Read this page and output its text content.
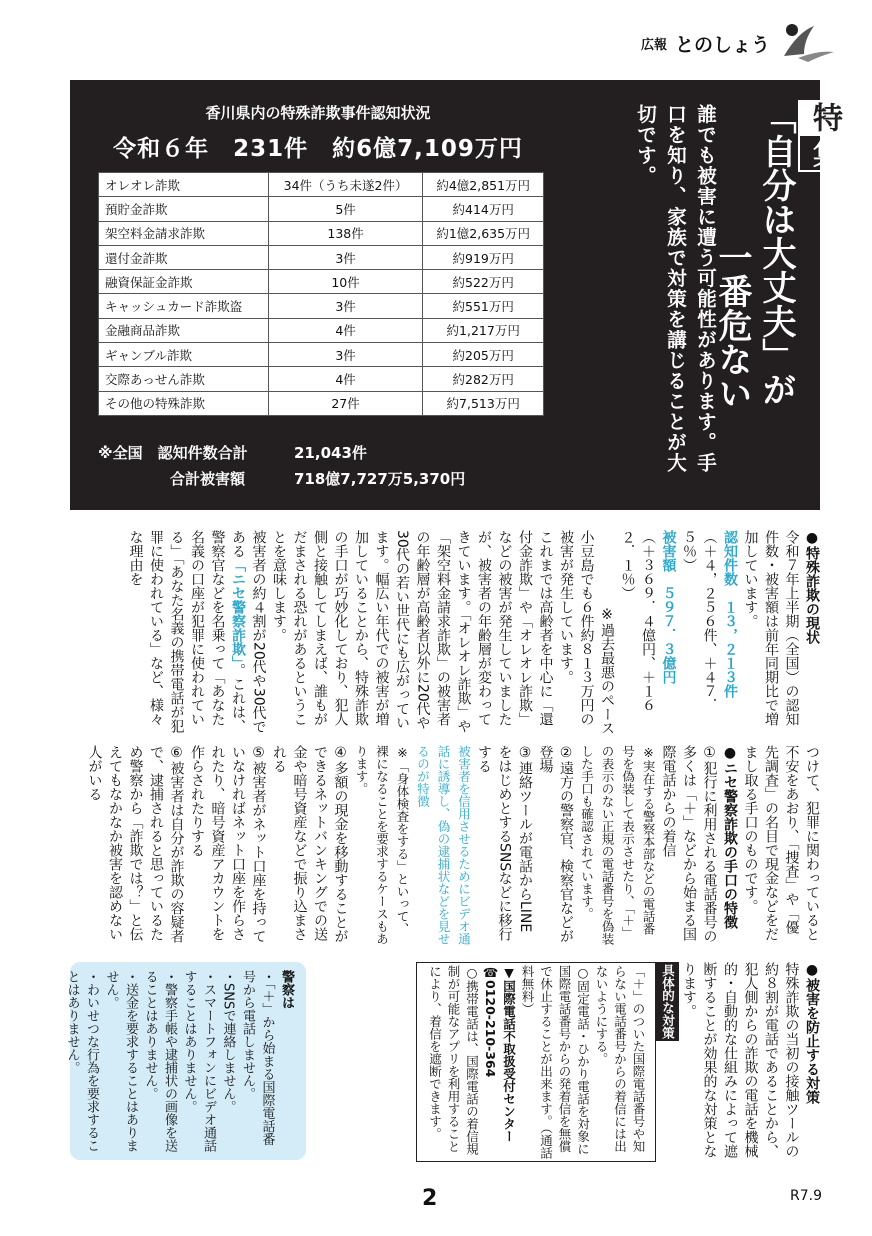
広報 とのしょう
香川県内の特殊詐欺事件認知状況
令和６年　231件　約6億7,109万円
オレオレ詐欺	34件（うち未遂2件）	約4億2,851万円
預貯金詐欺	5件	約414万円
架空料金請求詐欺	138件	約1億2,635万円
還付金詐欺	3件	約919万円
融資保証金詐欺	10件	約522万円
キャッシュカード詐欺盗	3件	約551万円
金融商品詐欺	4件	約1,217万円
ギャンブル詐欺	3件	約205万円
交際あっせん詐欺	4件	約282万円
その他の特殊詐欺	27件	約7,513万円
※全国　認知件数合計	21,043件
合計被害額	718億7,727万5,370円
誰でも被害に遭う可能性があります。手口を知り、家族で対策を講じることが大切です。	特集
「自分は大丈夫」が
一番危ない
●特殊詐欺の現状
令和７年上半期（全国）の認知件数・被害額は前年同期比で増加しています。
認知件数　１３，２１３件
（＋４，２５６件、＋４７．５％）
被害額　５９７．３億円
（＋３６９．４億円、＋１６２．１％）
※過去最悪のペース
小豆島でも６件約８１３万円の被害が発生しています。
これまでは高齢者を中心に「還付金詐欺」や「オレオレ詐欺」などの被害が発生していましたが、被害者の年齢層が変わってきています。「オレオレ詐欺」や「架空料金請求詐欺」の被害者の年齢層が高齢者以外に20代や30代の若い世代にも広がっています。幅広い年代での被害が増加していることから、特殊詐欺の手口が巧妙化しており、犯人側と接触してしまえば、誰もがだまされる恐れがあるということを意味します。
被害者の約４割が20代や30代である「ニセ警察詐欺」。これは、警察官などを名乗って「あなた名義の口座が犯罪に使われている」「あなた名義の携帯電話が犯罪に使われている」など、様々な理由を
つけて、犯罪に関わっていると不安をあおり、「捜査」や「優先調査」の名目で現金などをだまし取る手口のものです。
●ニセ警察詐欺の手口の特徴
①犯行に利用される電話番号の多くは「＋」などから始まる国際電話からの着信
※実在する警察本部などの電話番号を偽装して表示させたり、「＋」の表示のない正規の電話番号を偽装した手口も確認されています。
②遠方の警察官、検察官などが登場
③連絡ツールが電話からLINEをはじめとするSNSなどに移行する
被害者を信用させるためにビデオ通話に誘導し、偽の逮捕状などを見せるのが特徴
※「身体検査をする」といって、裸になることを要求するケースもあります。
④多額の現金を移動することができるネットバンキングでの送金や暗号資産などで振り込まされる
⑤被害者がネット口座を持っていなければネット口座を作らされたり、暗号資産アカウントを作らされたりする
⑥被害者は自分が詐欺の容疑者で、逮捕されると思っているため警察から「詐欺では？」と伝えてもなかなか被害を認めない人がいる
●被害を防止する対策
特殊詐欺の当初の接触ツールの約８割が電話であることから、犯人側からの詐欺の電話を機械的・自動的な仕組みによって遮断することが効果的な対策となります。
具体的な対策
「＋」のついた国際電話番号や知らない電話番号からの着信には出ないようにする。
○固定電話・ひかり電話を対象に国際電話番号からの発着信を無償で休止することが出来ます。（通話料無料）
▼国際電話不取扱受付センター
☎0120-210-364
○携帯電話は、国際電話の着信規制が可能なアプリを利用することにより、着信を遮断できます。
警察は
・「＋」から始まる国際電話番号から電話しません。
・SNSで連絡しません。
・スマートフォンにビデオ通話することはありません。
・警察手帳や逮捕状の画像を送ることはありません。
・送金を要求することはありません。
・わいせつな行為を要求することはありません。
2	R7.9
